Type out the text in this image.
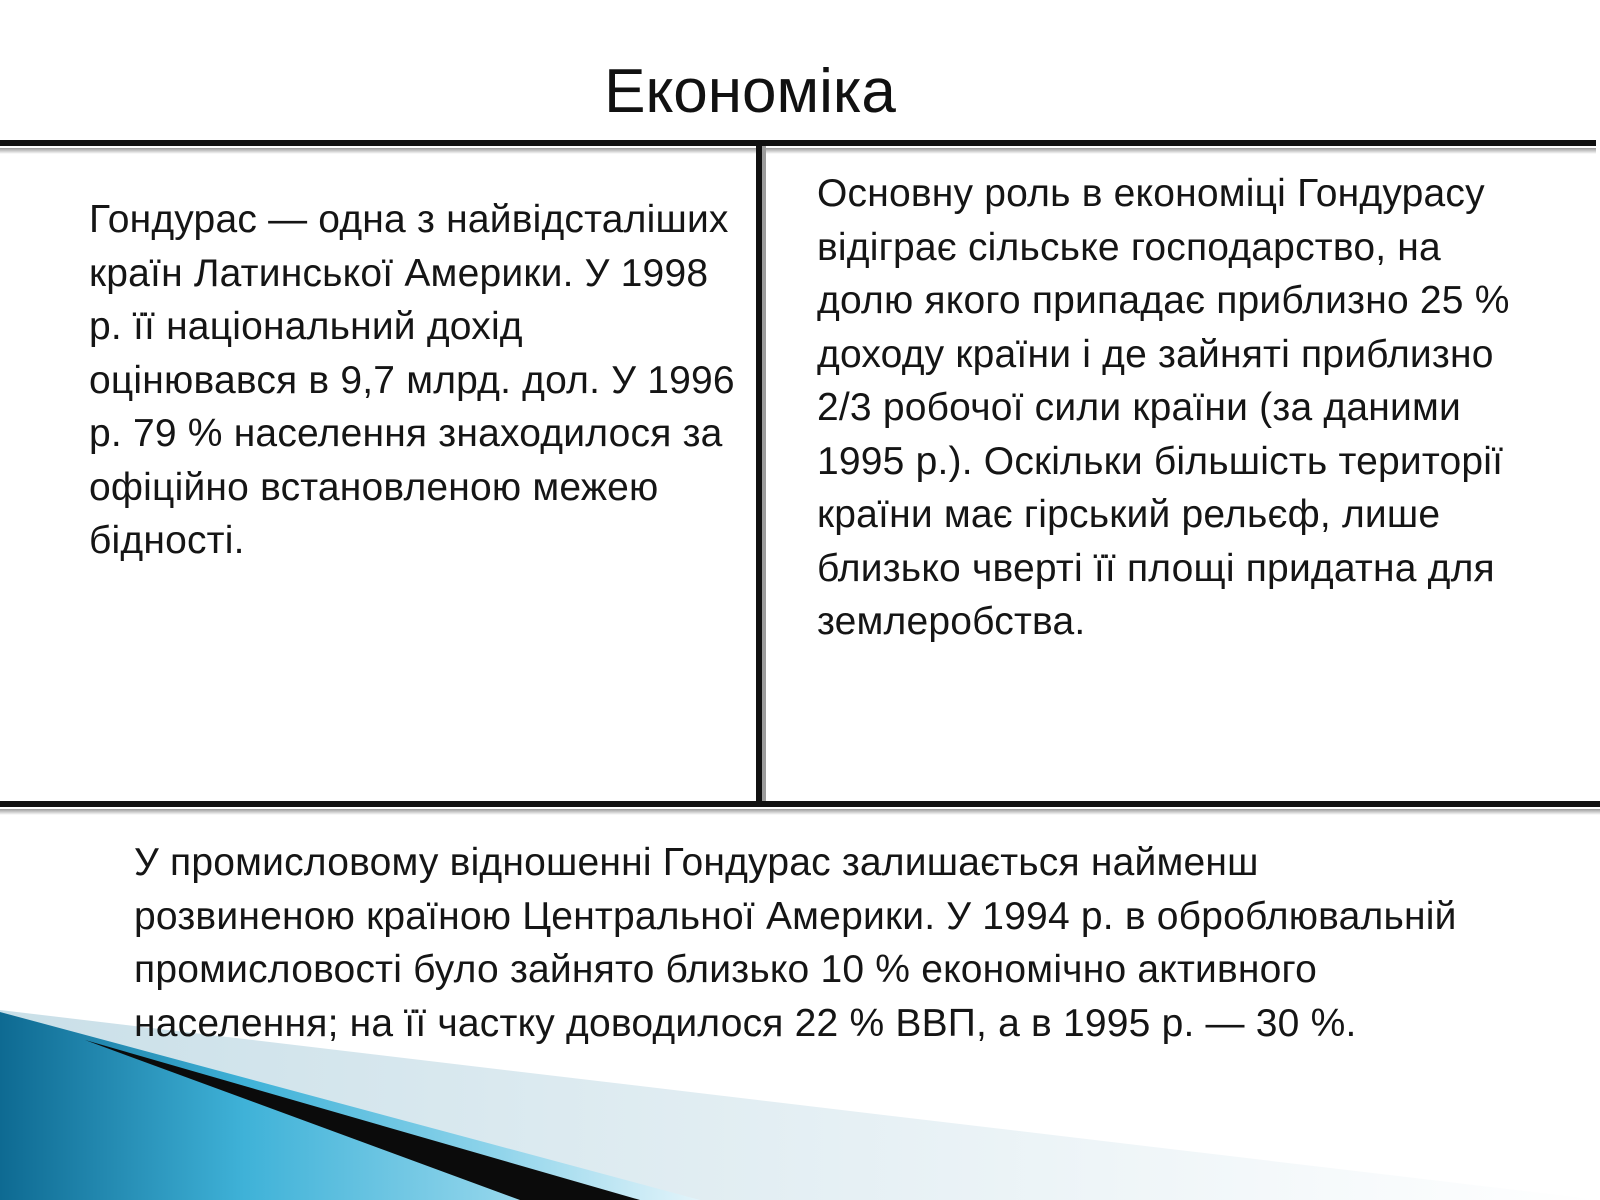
Економіка

Гондурас — одна з найвідсталіших країн Латинської Америки. У 1998 р. її національний дохід оцінювався в 9,7 млрд. дол. У 1996 р. 79 % населення знаходилося за офіційно встановленою межею бідності.

Основну роль в економіці Гондурасу відіграє сільське господарство, на долю якого припадає приблизно 25 % доходу країни і де зайняті приблизно 2/3 робочої сили країни (за даними 1995 р.). Оскільки більшість території країни має гірський рельєф, лише близько чверті її площі придатна для землеробства.

У промисловому відношенні Гондурас залишається найменш розвиненою країною Центральної Америки. У 1994 р. в оброблювальній промисловості було зайнято близько 10 % економічно активного населення; на її частку доводилося 22 % ВВП, а в 1995 р. — 30 %.
